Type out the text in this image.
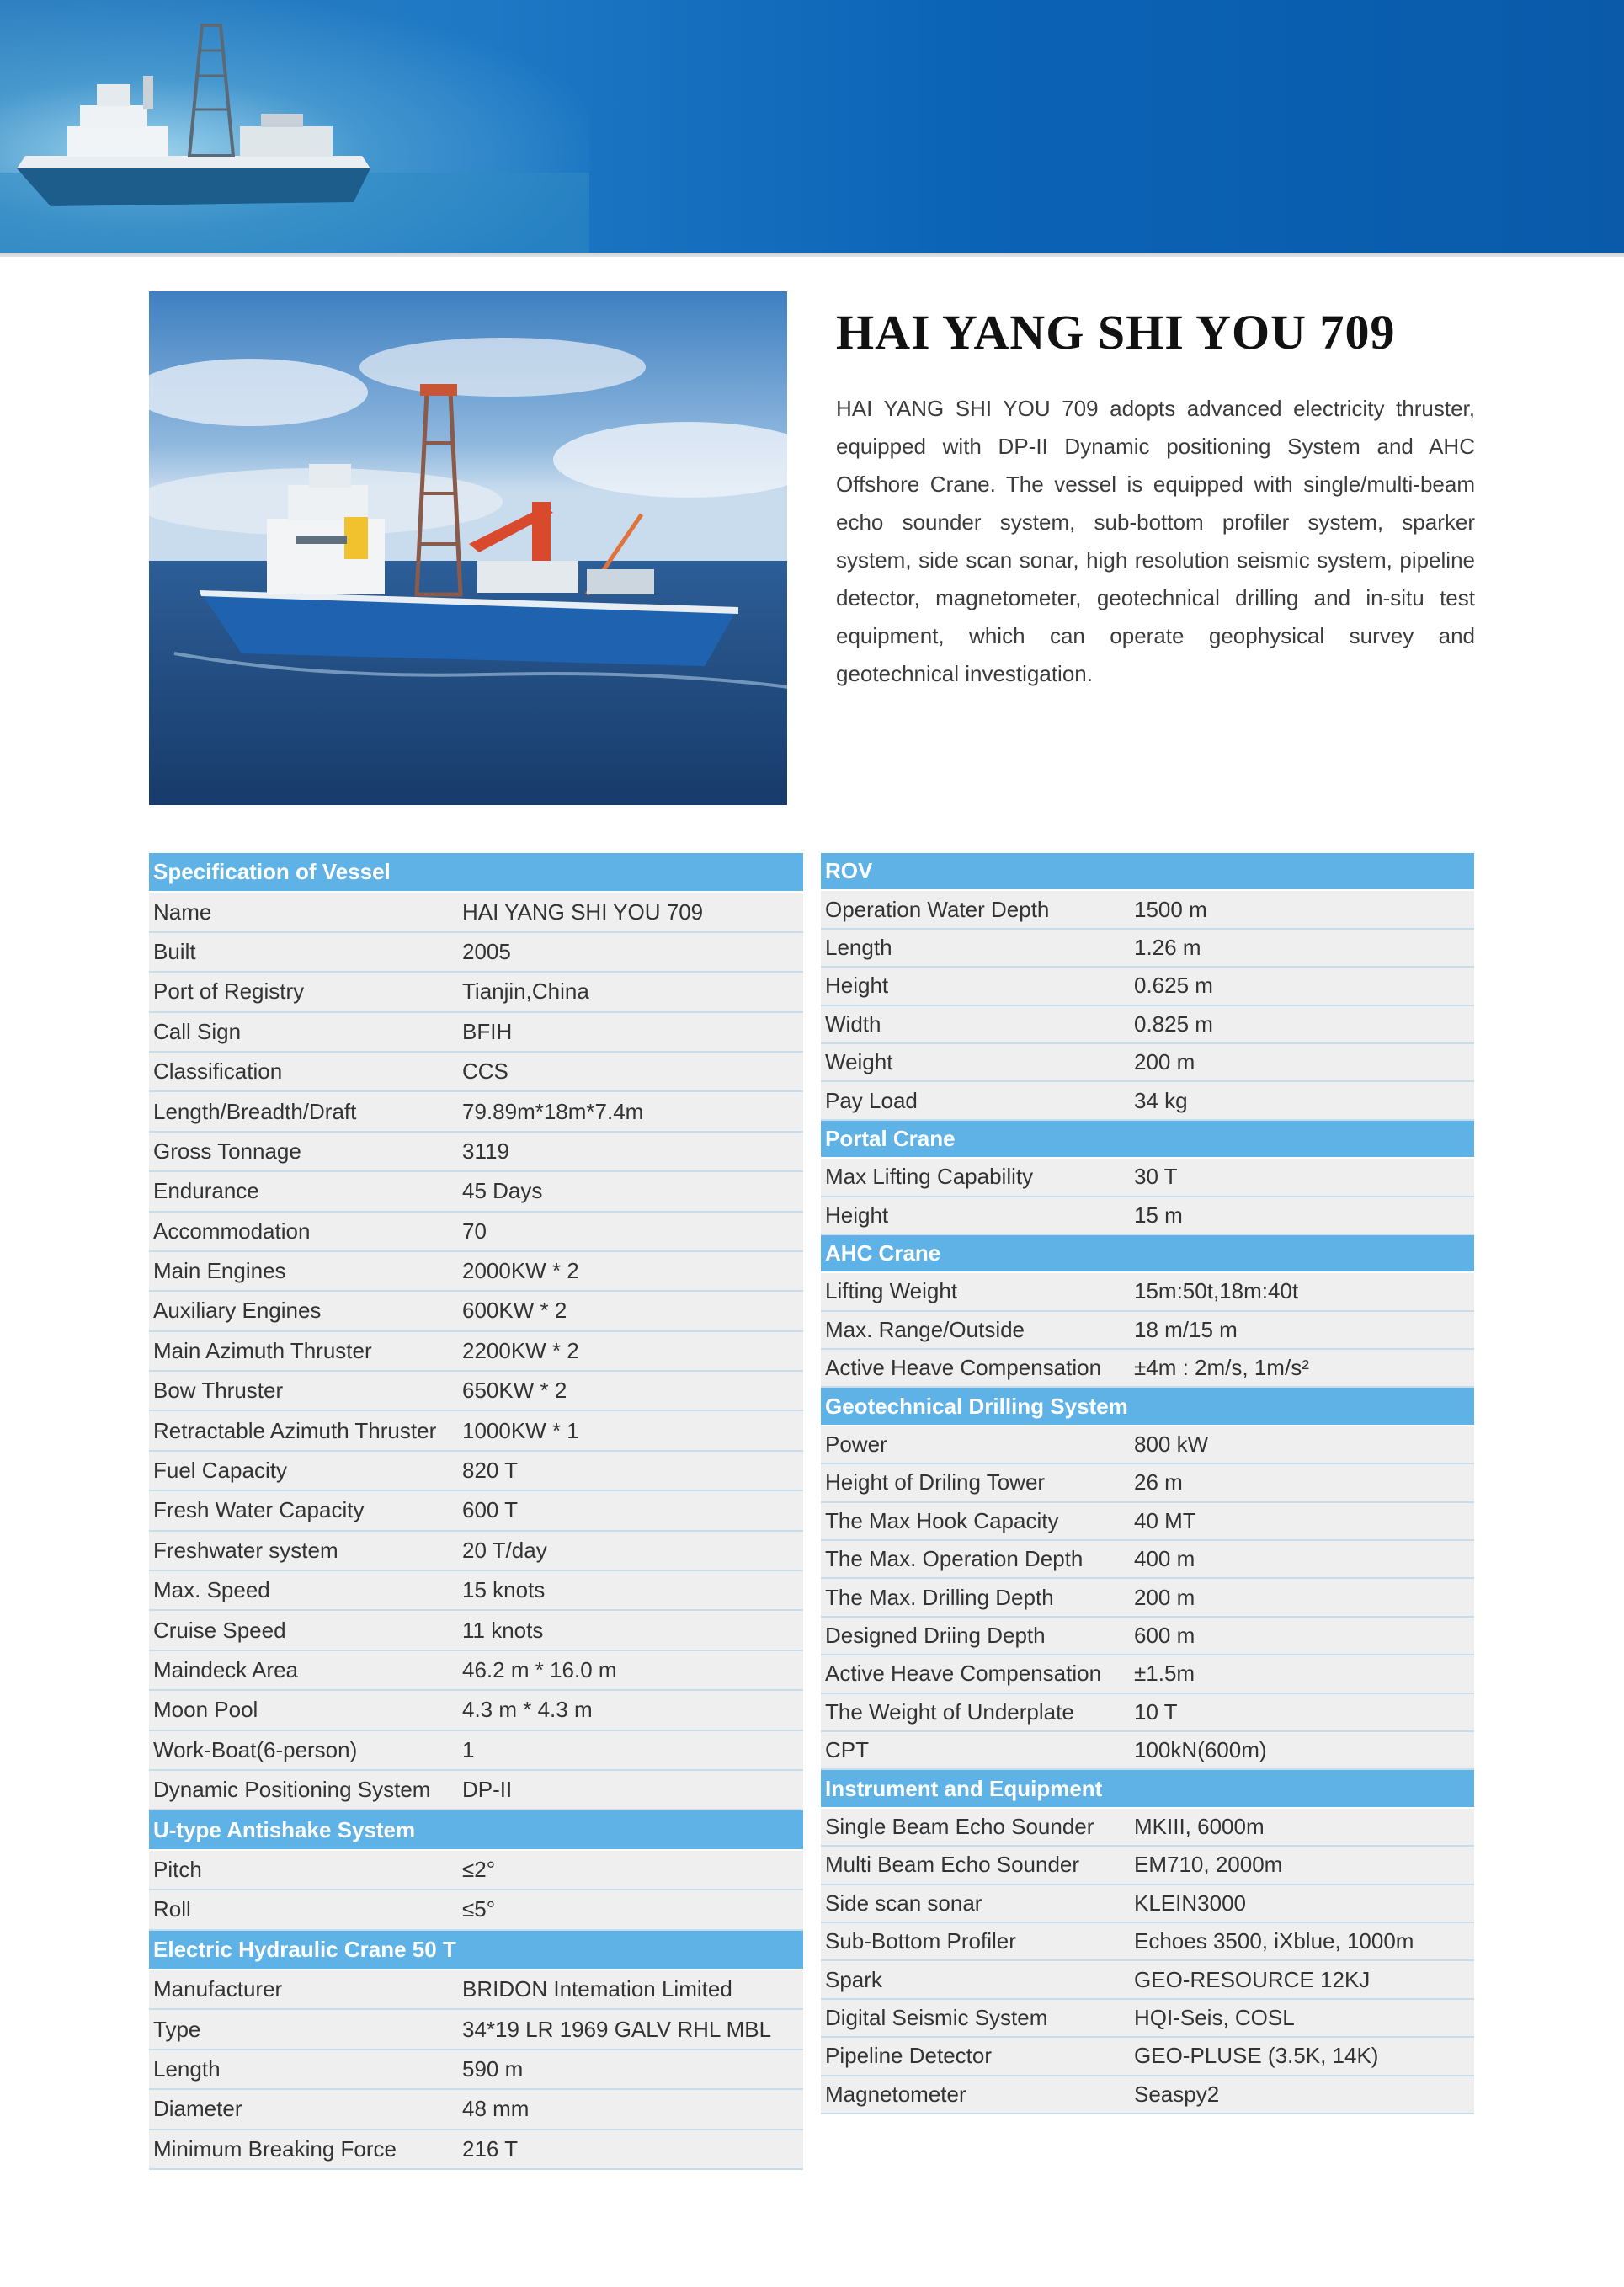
HAI YANG SHI YOU 709

HAI YANG SHI YOU 709 adopts advanced electricity thruster, equipped with DP-II Dynamic positioning System and AHC Offshore Crane. The vessel is equipped with single/multi-beam echo sounder system, sub-bottom profiler system, sparker system, side scan sonar, high resolution seismic system, pipeline detector, magnetometer, geotechnical drilling and in-situ test equipment, which can operate geophysical survey and geotechnical investigation.

Specification of Vessel
Name	HAI YANG SHI YOU 709
Built	2005
Port of Registry	Tianjin,China
Call Sign	BFIH
Classification	CCS
Length/Breadth/Draft	79.89m*18m*7.4m
Gross Tonnage	3119
Endurance	45 Days
Accommodation	70
Main Engines	2000KW * 2
Auxiliary Engines	600KW * 2
Main Azimuth Thruster	2200KW * 2
Bow Thruster	650KW * 2
Retractable Azimuth Thruster	1000KW * 1
Fuel Capacity	820 T
Fresh Water Capacity	600 T
Freshwater system	20 T/day
Max. Speed	15 knots
Cruise Speed	11 knots
Maindeck Area	46.2 m * 16.0 m
Moon Pool	4.3 m * 4.3 m
Work-Boat(6-person)	1
Dynamic Positioning System	DP-II
U-type Antishake System
Pitch	≤2°
Roll	≤5°
Electric Hydraulic Crane 50 T
Manufacturer	BRIDON Intemation Limited
Type	34*19 LR 1969 GALV RHL MBL
Length	590 m
Diameter	48 mm
Minimum Breaking Force	216 T
ROV
Operation Water Depth	1500 m
Length	1.26 m
Height	0.625 m
Width	0.825 m
Weight	200 m
Pay Load	34 kg
Portal Crane
Max Lifting Capability	30 T
Height	15 m
AHC Crane
Lifting Weight	15m:50t,18m:40t
Max. Range/Outside	18 m/15 m
Active Heave Compensation	±4m : 2m/s, 1m/s²
Geotechnical Drilling System
Power	800 kW
Height of Driling Tower	26 m
The Max Hook Capacity	40 MT
The Max. Operation Depth	400 m
The Max. Drilling Depth	200 m
Designed Driing Depth	600 m
Active Heave Compensation	±1.5m
The Weight of Underplate	10 T
CPT	100kN(600m)
Instrument and Equipment
Single Beam Echo Sounder	MKIII, 6000m
Multi Beam Echo Sounder	EM710, 2000m
Side scan sonar	KLEIN3000
Sub-Bottom Profiler	Echoes 3500, iXblue, 1000m
Spark	GEO-RESOURCE 12KJ
Digital Seismic System	HQI-Seis, COSL
Pipeline Detector	GEO-PLUSE (3.5K, 14K)
Magnetometer	Seaspy2
